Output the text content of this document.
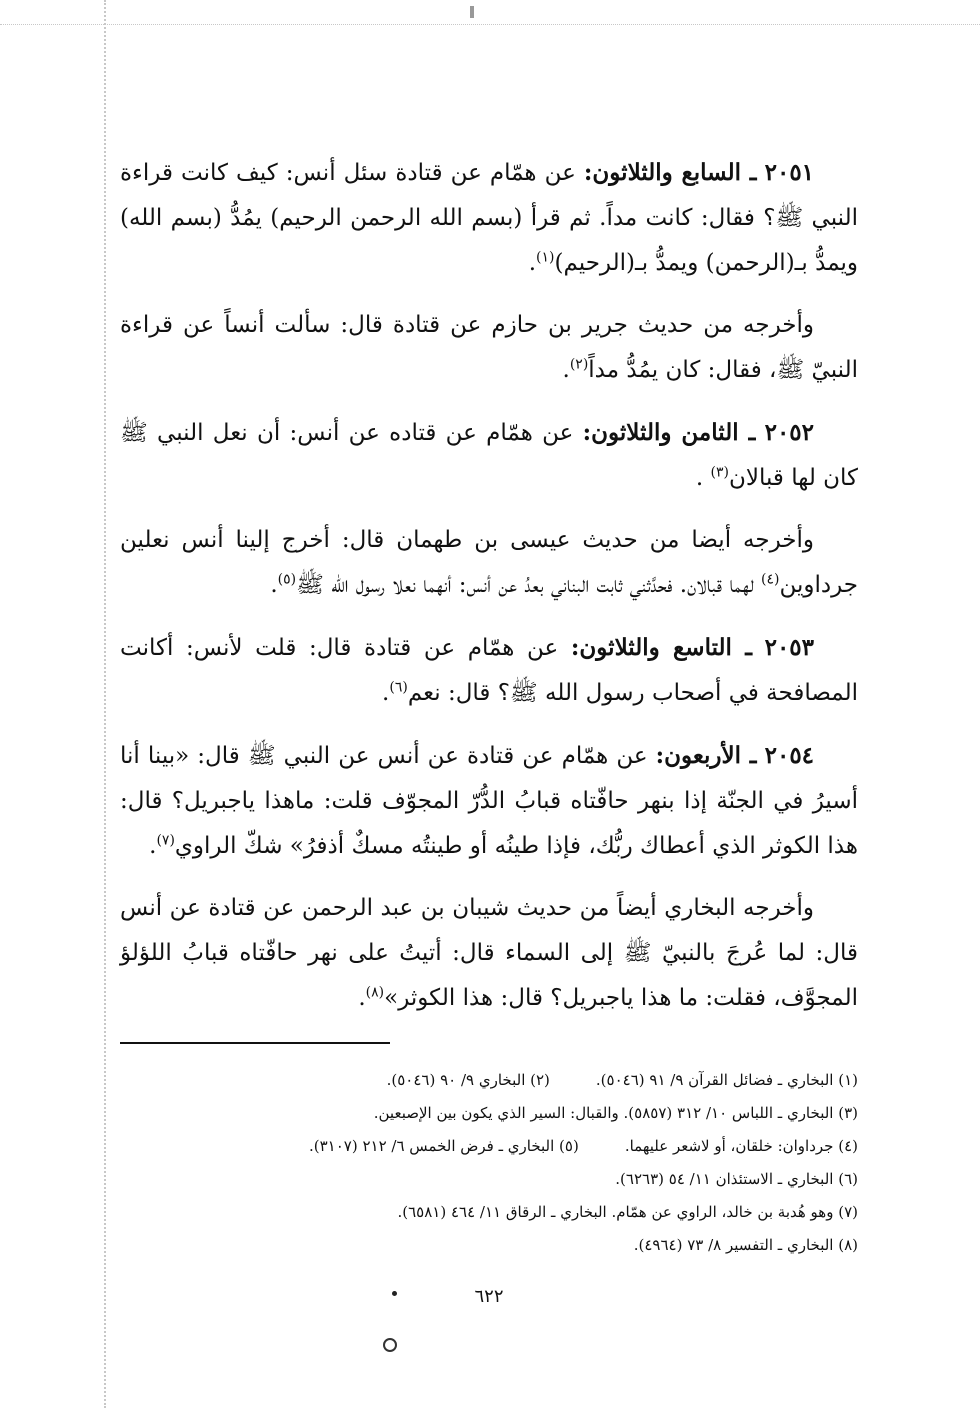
٢٠٥١ ـ السابع والثلاثون: عن همّام عن قتادة سئل أنس: كيف كانت قراءة النبي ﷺ؟ فقال: كانت مداً. ثم قرأ (بسم الله الرحمن الرحيم) يمُدُّ (بسم الله) ويمدُّ بـ(الرحمن) ويمدُّ بـ(الرحيم)$^{(١)}$.

وأخرجه من حديث جرير بن حازم عن قتادة قال: سألت أنساً عن قراءة النبيّ ﷺ، فقال: كان يمُدُّ مداً$^{(٢)}$.

٢٠٥٢ ـ الثامن والثلاثون: عن همّام عن قتاده عن أنس: أن نعل النبي ﷺ كان لها قبالان$^{(٣)}$ .

وأخرجه أيضا من حديث عيسى بن طهمان قال: أخرج إلينا أنس نعلين جرداوين$^{(٤)}$ لهما قبالان. فحدَّثني ثابت البناني بعدُ عن أنس: أنهما نعلا رسول الله ﷺ$^{(٥)}$.

٢٠٥٣ ـ التاسع والثلاثون: عن همّام عن قتادة قال: قلت لأنس: أكانت المصافحة في أصحاب رسول الله ﷺ؟ قال: نعم$^{(٦)}$.

٢٠٥٤ ـ الأربعون: عن همّام عن قتادة عن أنس عن النبي ﷺ قال: «بينا أنا أسيرُ في الجنّة إذا بنهر حافّتاه قبابُ الدُّرّ المجوّف قلت: ماهذا ياجبريل؟ قال: هذا الكوثر الذي أعطاك ربُّك، فإذا طينُه أو طينتُه مسكٌ أذفرُ» شكّ الراوي$^{(٧)}$.

وأخرجه البخاري أيضاً من حديث شيبان بن عبد الرحمن عن قتادة عن أنس قال: لما عُرجَ بالنبيّ ﷺ إلى السماء قال: أتيتُ على نهر حافّتاه قبابُ اللؤلؤ المجوَّف، فقلت: ما هذا ياجبريل؟ قال: هذا الكوثر»$^{(٨)}$.

(١) البخاري ـ فضائل القرآن ٩/ ٩١ (٥٠٤٦).(٢) البخاري ٩/ ٩٠ (٥٠٤٦).

(٣) البخاري ـ اللباس ١٠/ ٣١٢ (٥٨٥٧). والقبال: السير الذي يكون بين الإصبعين.

(٤) جرداوان: خلقان، أو لاشعر عليهما.(٥) البخاري ـ فرض الخمس ٦/ ٢١٢ (٣١٠٧).

(٦) البخاري ـ الاستئذان ١١/ ٥٤ (٦٢٦٣).

(٧) وهو هُدبة بن خالد، الراوي عن همّام. البخاري ـ الرقاق ١١/ ٤٦٤ (٦٥٨١).

(٨) البخاري ـ التفسير ٨/ ٧٣ (٤٩٦٤).

٦٢٢
